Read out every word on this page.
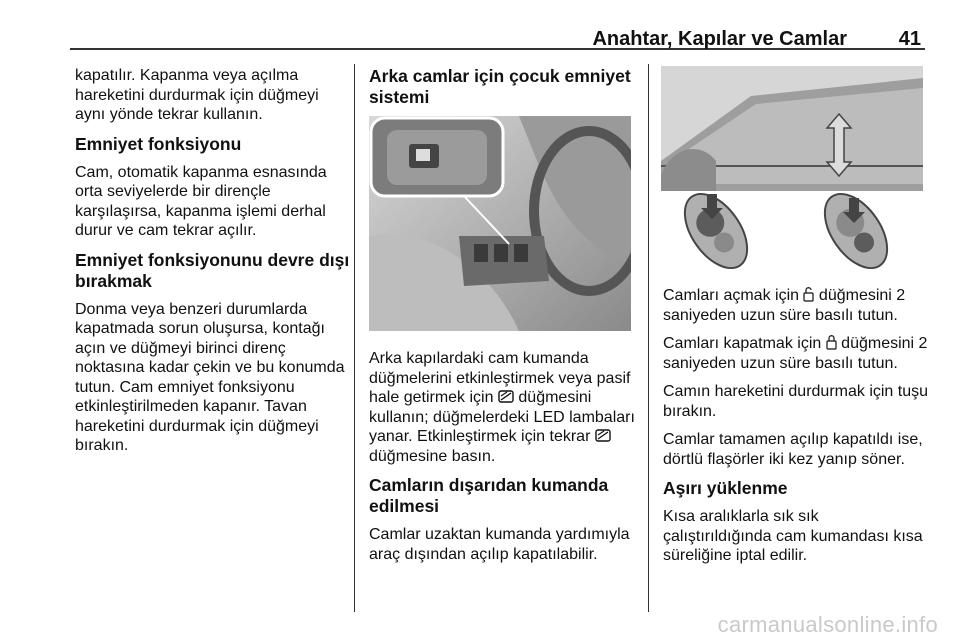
Anahtar, Kapılar ve Camlar	41

kapatılır. Kapanma veya açılma hareketini durdurmak için düğmeyi aynı yönde tekrar kullanın.

Emniyet fonksiyonu

Cam, otomatik kapanma esnasında orta seviyelerde bir dirençle karşılaşırsa, kapanma işlemi derhal durur ve cam tekrar açılır.

Emniyet fonksiyonunu devre dışı bırakmak

Donma veya benzeri durumlarda kapatmada sorun oluşursa, kontağı açın ve düğmeyi birinci direnç noktasına kadar çekin ve bu konumda tutun. Cam emniyet fonksiyonu etkinleştirilmeden kapanır. Tavan hareketini durdurmak için düğmeyi bırakın.

Arka camlar için çocuk emniyet sistemi

Arka kapılardaki cam kumanda düğmelerini etkinleştirmek veya pasif hale getirmek için  düğmesini kullanın; düğmelerdeki LED lambaları yanar. Etkinleştirmek için tekrar  düğmesine basın.

Camların dışarıdan kumanda edilmesi

Camlar uzaktan kumanda yardımıyla araç dışından açılıp kapatılabilir.

Camları açmak için  düğmesini 2 saniyeden uzun süre basılı tutun.

Camları kapatmak için  düğmesini 2 saniyeden uzun süre basılı tutun.

Camın hareketini durdurmak için tuşu bırakın.

Camlar tamamen açılıp kapatıldı ise, dörtlü flaşörler iki kez yanıp söner.

Aşırı yüklenme

Kısa aralıklarla sık sık çalıştırıldığında cam kumandası kısa süreliğine iptal edilir.

carmanualsonline.info
